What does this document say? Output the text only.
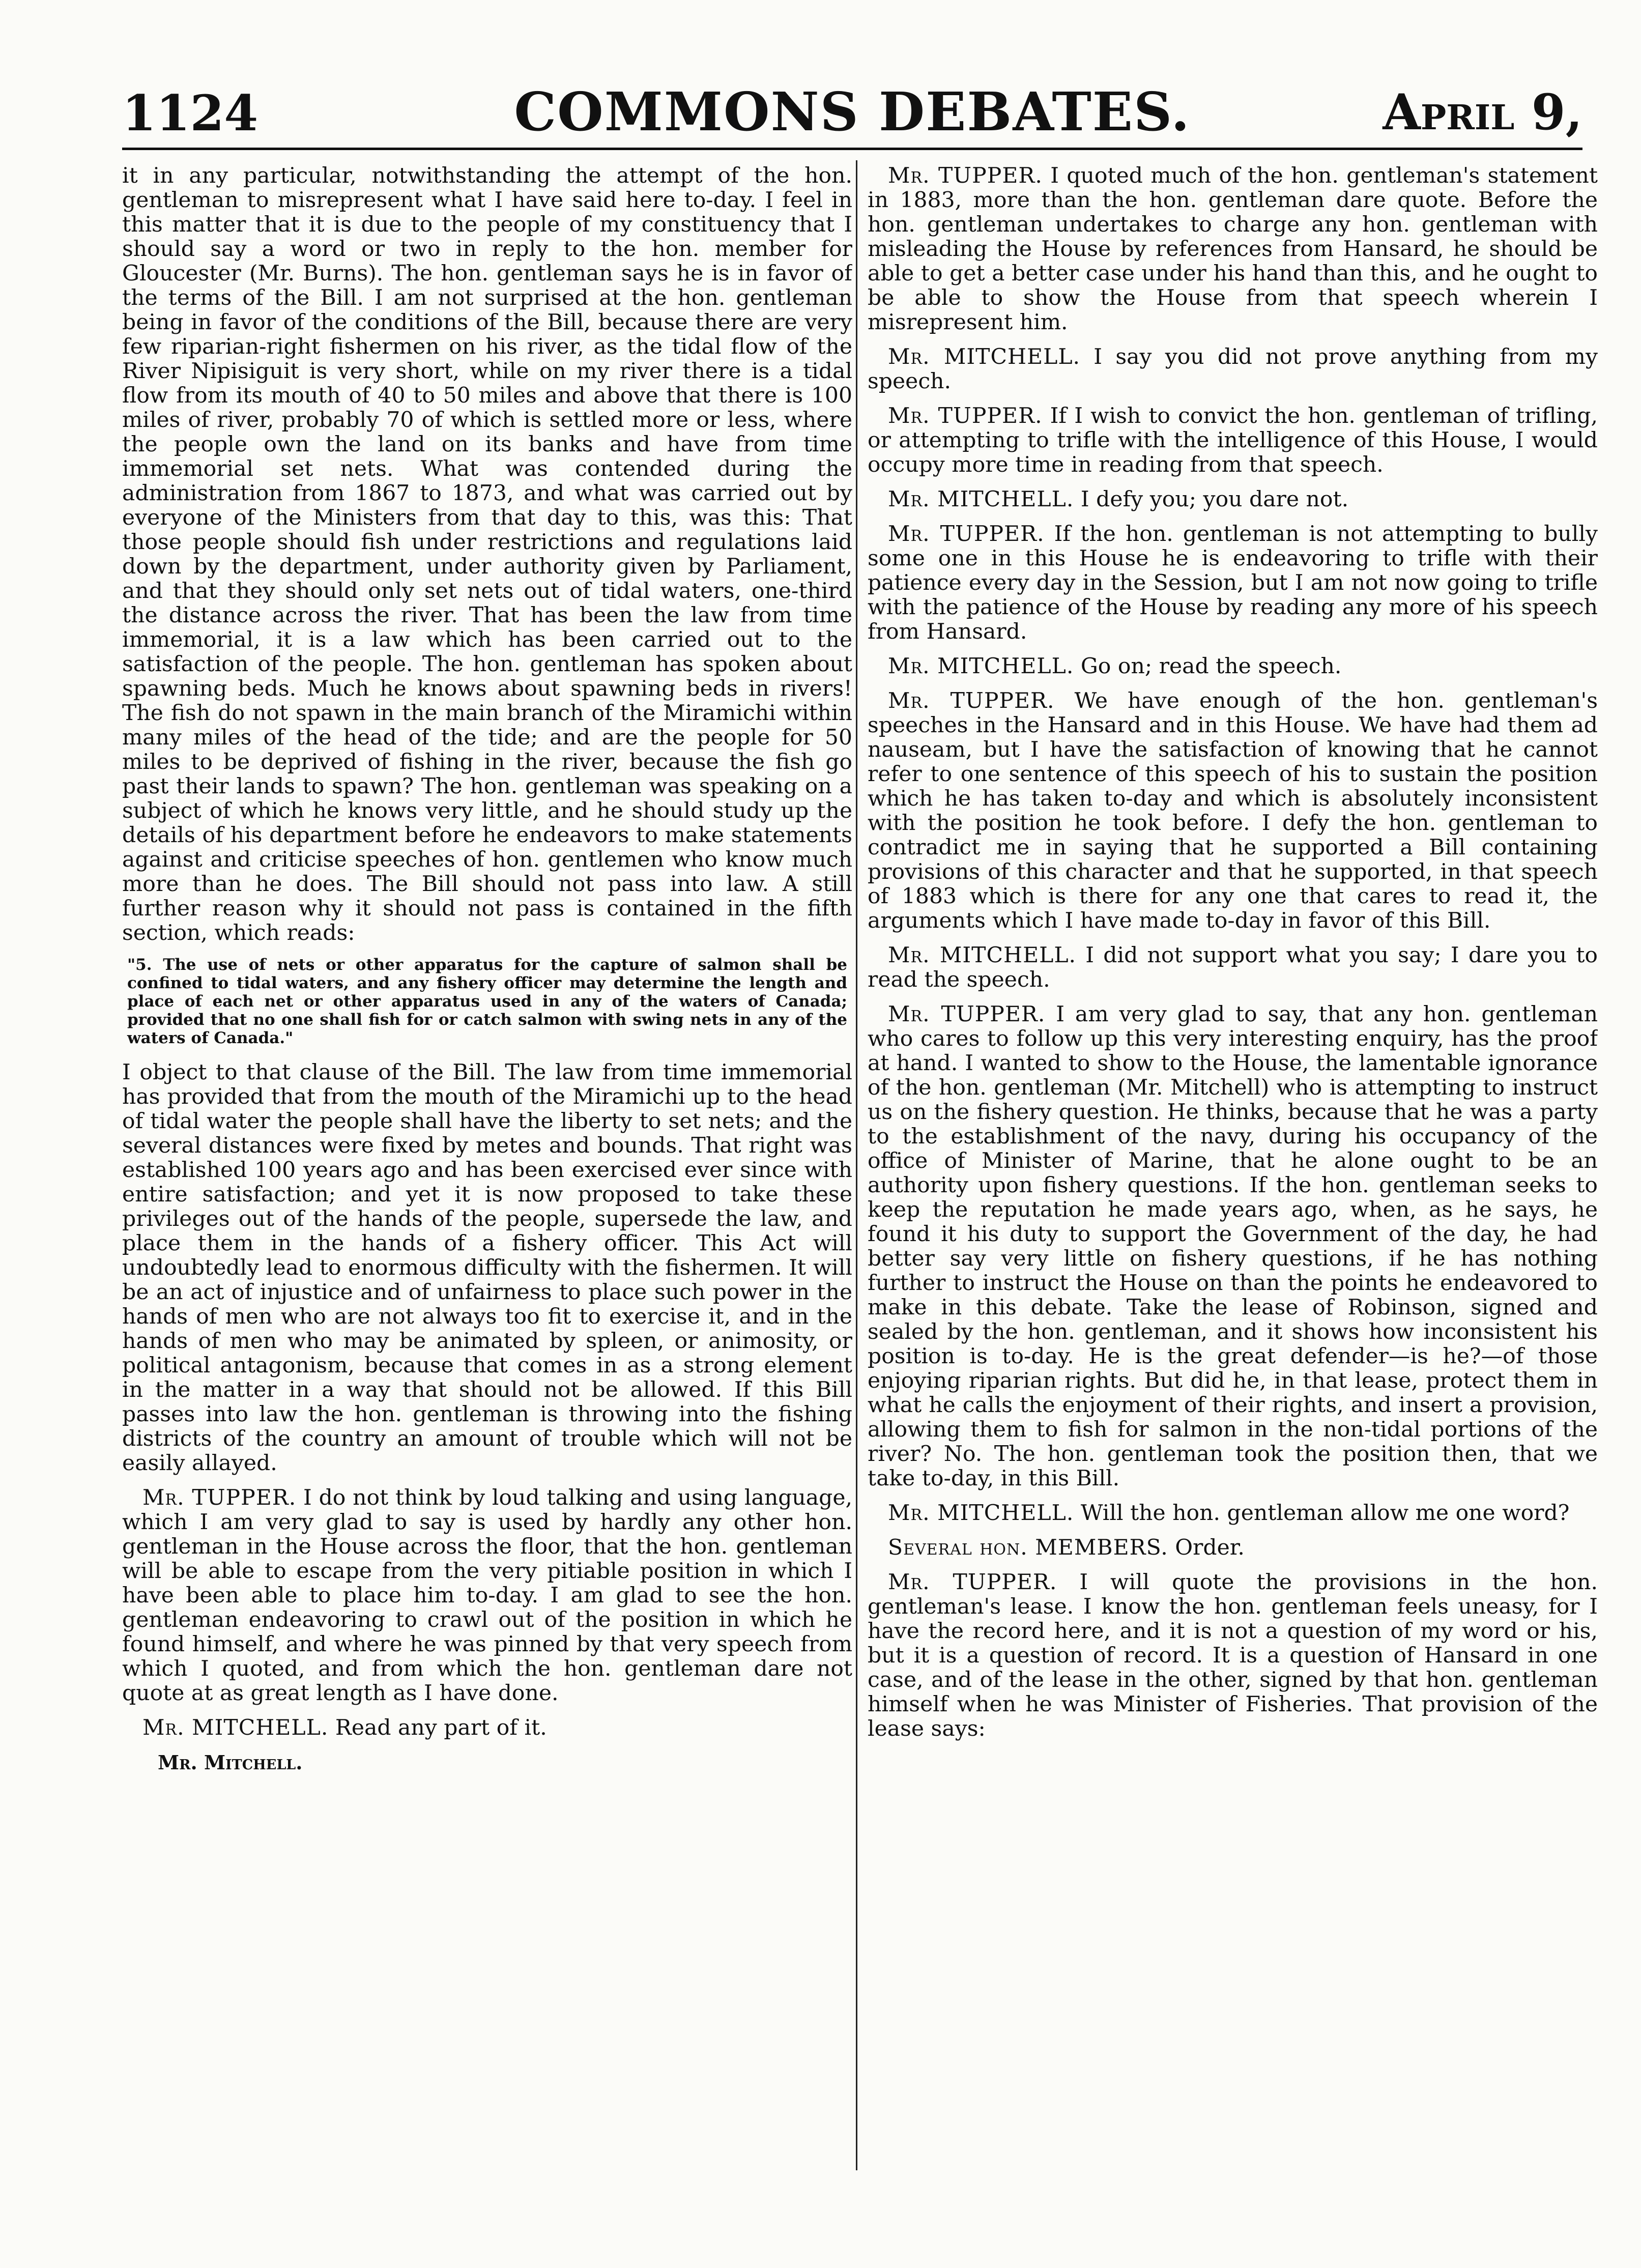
1124	COMMONS DEBATES.	April 9,

it in any particular, notwithstanding the attempt of the hon. gentleman to misrepresent what I have said here to-day. I feel in this matter that it is due to the people of my constituency that I should say a word or two in reply to the hon. member for Gloucester (Mr. Burns). The hon. gentleman says he is in favor of the terms of the Bill. I am not surprised at the hon. gentleman being in favor of the conditions of the Bill, because there are very few riparian-right fishermen on his river, as the tidal flow of the River Nipisiguit is very short, while on my river there is a tidal flow from its mouth of 40 to 50 miles and above that there is 100 miles of river, probably 70 of which is settled more or less, where the people own the land on its banks and have from time immemorial set nets. What was contended during the administration from 1867 to 1873, and what was carried out by everyone of the Ministers from that day to this, was this: That those people should fish under restrictions and regulations laid down by the department, under authority given by Parliament, and that they should only set nets out of tidal waters, one-third the distance across the river. That has been the law from time immemorial, it is a law which has been carried out to the satisfaction of the people. The hon. gentleman has spoken about spawning beds. Much he knows about spawning beds in rivers! The fish do not spawn in the main branch of the Miramichi within many miles of the head of the tide; and are the people for 50 miles to be deprived of fishing in the river, because the fish go past their lands to spawn? The hon. gentleman was speaking on a subject of which he knows very little, and he should study up the details of his department before he endeavors to make statements against and criticise speeches of hon. gentlemen who know much more than he does. The Bill should not pass into law. A still further reason why it should not pass is contained in the fifth section, which reads:

"5. The use of nets or other apparatus for the capture of salmon shall be confined to tidal waters, and any fishery officer may determine the length and place of each net or other apparatus used in any of the waters of Canada; provided that no one shall fish for or catch salmon with swing nets in any of the waters of Canada."

I object to that clause of the Bill. The law from time immemorial has provided that from the mouth of the Miramichi up to the head of tidal water the people shall have the liberty to set nets; and the several distances were fixed by metes and bounds. That right was established 100 years ago and has been exercised ever since with entire satisfaction; and yet it is now proposed to take these privileges out of the hands of the people, supersede the law, and place them in the hands of a fishery officer. This Act will undoubtedly lead to enormous difficulty with the fishermen. It will be an act of injustice and of unfairness to place such power in the hands of men who are not always too fit to exercise it, and in the hands of men who may be animated by spleen, or animosity, or political antagonism, because that comes in as a strong element in the matter in a way that should not be allowed. If this Bill passes into law the hon. gentleman is throwing into the fishing districts of the country an amount of trouble which will not be easily allayed.

Mr. TUPPER. I do not think by loud talking and using language, which I am very glad to say is used by hardly any other hon. gentleman in the House across the floor, that the hon. gentleman will be able to escape from the very pitiable position in which I have been able to place him to-day. I am glad to see the hon. gentleman endeavoring to crawl out of the position in which he found himself, and where he was pinned by that very speech from which I quoted, and from which the hon. gentleman dare not quote at as great length as I have done.

Mr. MITCHELL. Read any part of it.

Mr. Mitchell.

Mr. TUPPER. I quoted much of the hon. gentleman's statement in 1883, more than the hon. gentleman dare quote. Before the hon. gentleman undertakes to charge any hon. gentleman with misleading the House by references from Hansard, he should be able to get a better case under his hand than this, and he ought to be able to show the House from that speech wherein I misrepresent him.

Mr. MITCHELL. I say you did not prove anything from my speech.

Mr. TUPPER. If I wish to convict the hon. gentleman of trifling, or attempting to trifle with the intelligence of this House, I would occupy more time in reading from that speech.

Mr. MITCHELL. I defy you; you dare not.

Mr. TUPPER. If the hon. gentleman is not attempting to bully some one in this House he is endeavoring to trifle with their patience every day in the Session, but I am not now going to trifle with the patience of the House by reading any more of his speech from Hansard.

Mr. MITCHELL. Go on; read the speech.

Mr. TUPPER. We have enough of the hon. gentleman's speeches in the Hansard and in this House. We have had them ad nauseam, but I have the satisfaction of knowing that he cannot refer to one sentence of this speech of his to sustain the position which he has taken to-day and which is absolutely inconsistent with the position he took before. I defy the hon. gentleman to contradict me in saying that he supported a Bill containing provisions of this character and that he supported, in that speech of 1883 which is there for any one that cares to read it, the arguments which I have made to-day in favor of this Bill.

Mr. MITCHELL. I did not support what you say; I dare you to read the speech.

Mr. TUPPER. I am very glad to say, that any hon. gentleman who cares to follow up this very interesting enquiry, has the proof at hand. I wanted to show to the House, the lamentable ignorance of the hon. gentleman (Mr. Mitchell) who is attempting to instruct us on the fishery question. He thinks, because that he was a party to the establishment of the navy, during his occupancy of the office of Minister of Marine, that he alone ought to be an authority upon fishery questions. If the hon. gentleman seeks to keep the reputation he made years ago, when, as he says, he found it his duty to support the Government of the day, he had better say very little on fishery questions, if he has nothing further to instruct the House on than the points he endeavored to make in this debate. Take the lease of Robinson, signed and sealed by the hon. gentleman, and it shows how inconsistent his position is to-day. He is the great defender—is he?—of those enjoying riparian rights. But did he, in that lease, protect them in what he calls the enjoyment of their rights, and insert a provision, allowing them to fish for salmon in the non-tidal portions of the river? No. The hon. gentleman took the position then, that we take to-day, in this Bill.

Mr. MITCHELL. Will the hon. gentleman allow me one word?

Several hon. MEMBERS. Order.

Mr. TUPPER. I will quote the provisions in the hon. gentleman's lease. I know the hon. gentleman feels uneasy, for I have the record here, and it is not a question of my word or his, but it is a question of record. It is a question of Hansard in one case, and of the lease in the other, signed by that hon. gentleman himself when he was Minister of Fisheries. That provision of the lease says:
